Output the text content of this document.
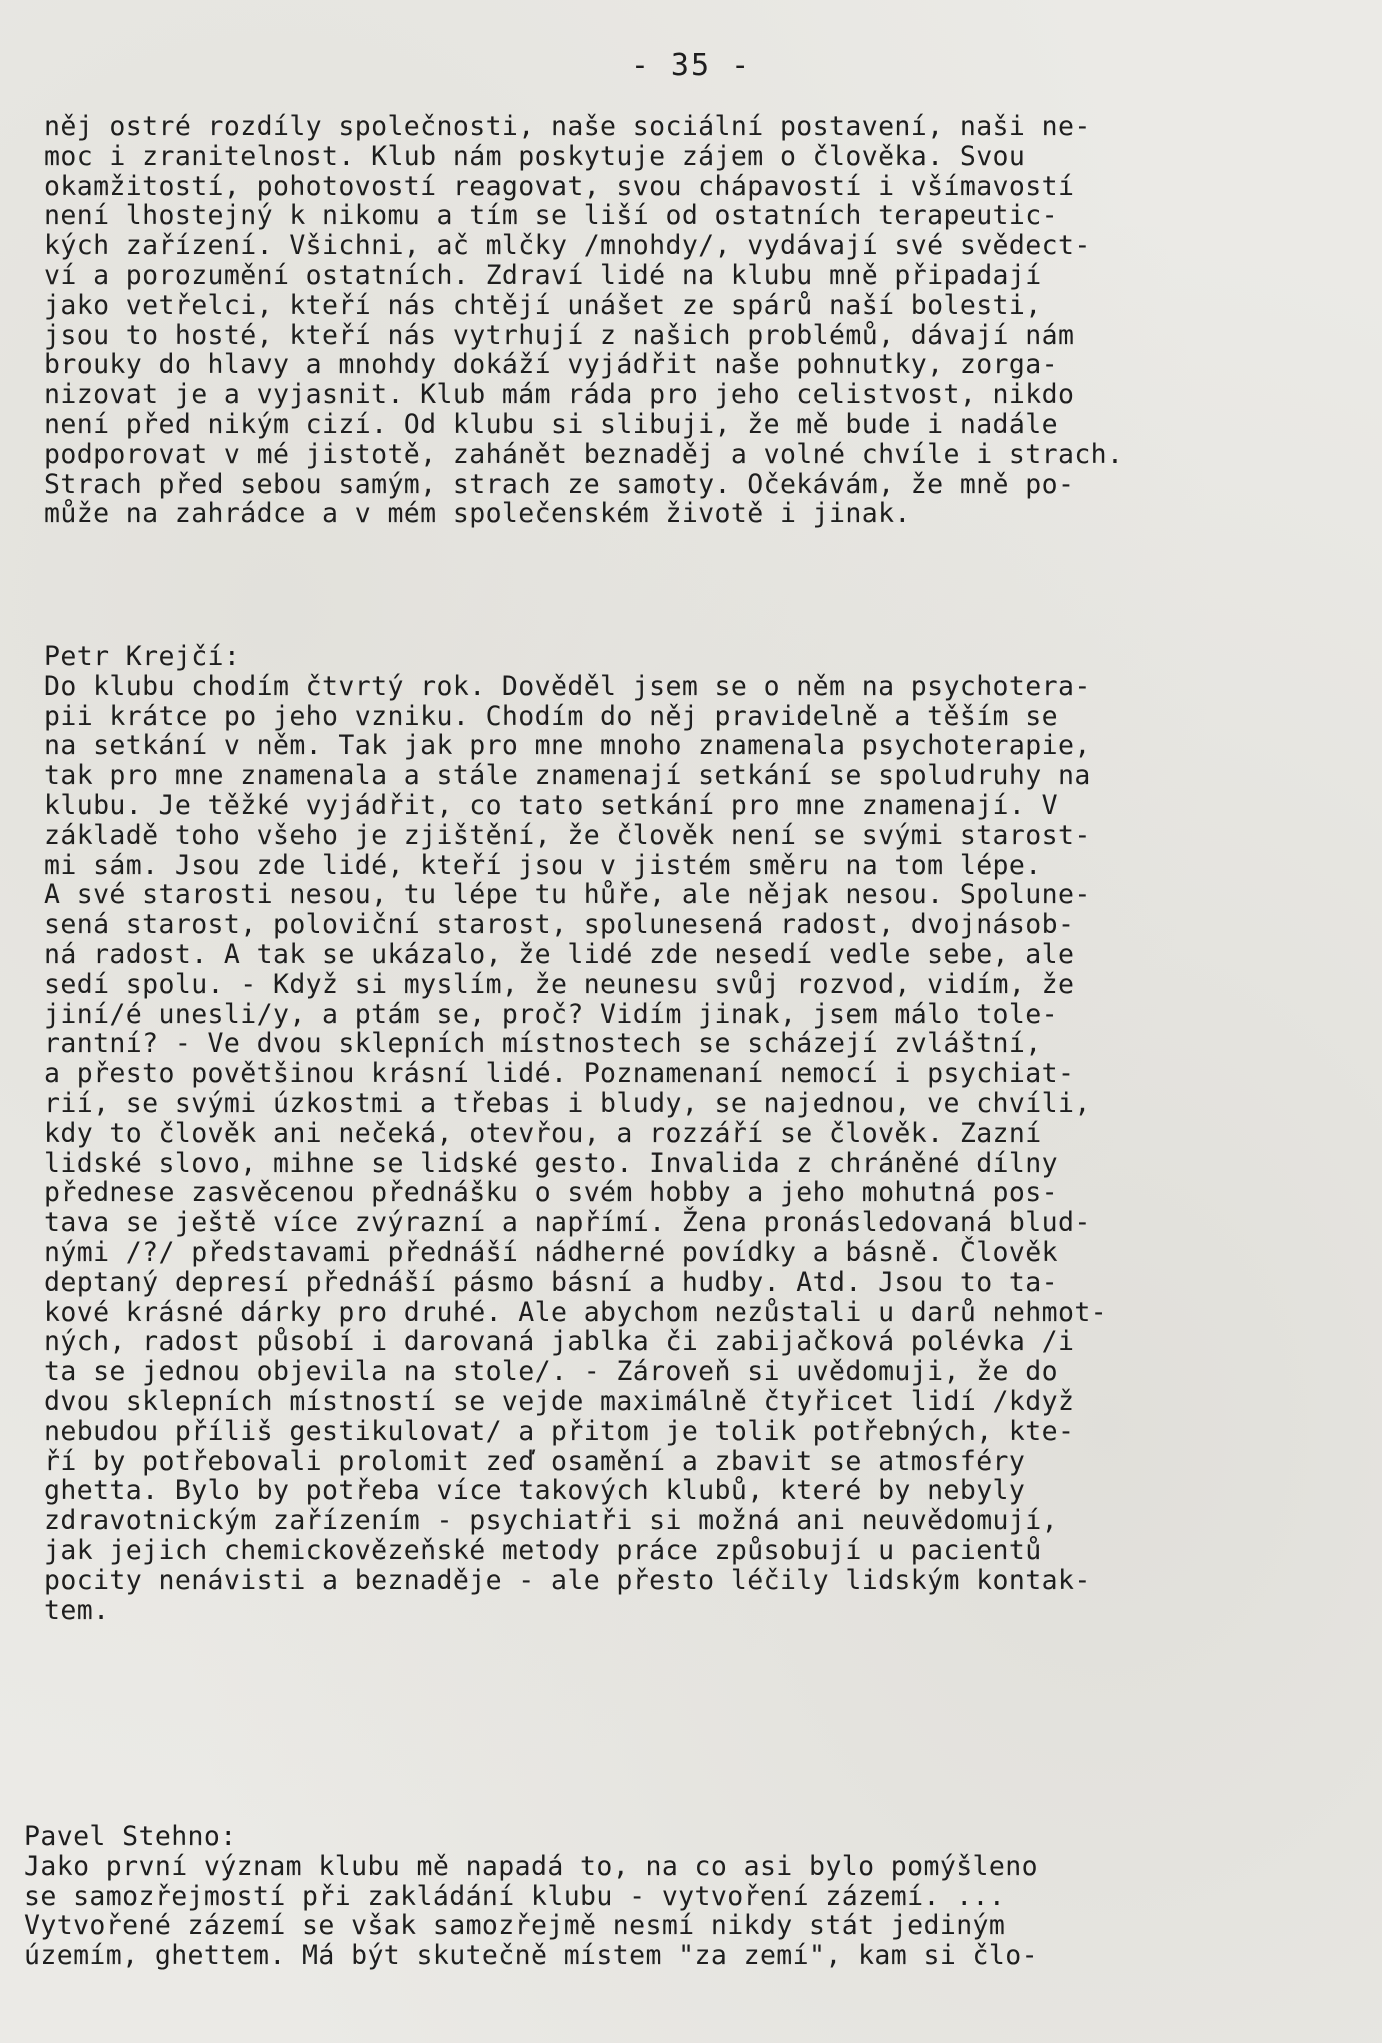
- 35 -
něj ostré rozdíly společnosti, naše sociální postavení, naši ne-
moc i zranitelnost. Klub nám poskytuje zájem o člověka. Svou
okamžitostí, pohotovostí reagovat, svou chápavostí i všímavostí
není lhostejný k nikomu a tím se liší od ostatních terapeutic-
kých zařízení. Všichni, ač mlčky /mnohdy/, vydávají své svědect-
ví a porozumění ostatních. Zdraví lidé na klubu mně připadají
jako vetřelci, kteří nás chtějí unášet ze spárů naší bolesti,
jsou to hosté, kteří nás vytrhují z našich problémů, dávají nám
brouky do hlavy a mnohdy dokáží vyjádřit naše pohnutky, zorga-
nizovat je a vyjasnit. Klub mám ráda pro jeho celistvost, nikdo
není před nikým cizí. Od klubu si slibuji, že mě bude i nadále
podporovat v mé jistotě, zahánět beznaděj a volné chvíle i strach.
Strach před sebou samým, strach ze samoty. Očekávám, že mně po-
může na zahrádce a v mém společenském životě i jinak.
Petr Krejčí:
Do klubu chodím čtvrtý rok. Dověděl jsem se o něm na psychotera-
pii krátce po jeho vzniku. Chodím do něj pravidelně a těším se
na setkání v něm. Tak jak pro mne mnoho znamenala psychoterapie,
tak pro mne znamenala a stále znamenají setkání se spoludruhy na
klubu. Je těžké vyjádřit, co tato setkání pro mne znamenají. V
základě toho všeho je zjištění, že člověk není se svými starost-
mi sám. Jsou zde lidé, kteří jsou v jistém směru na tom lépe.
A své starosti nesou, tu lépe tu hůře, ale nějak nesou. Spolune-
sená starost, poloviční starost, spolunesená radost, dvojnásob-
ná radost. A tak se ukázalo, že lidé zde nesedí vedle sebe, ale
sedí spolu. - Když si myslím, že neunesu svůj rozvod, vidím, že
jiní/é unesli/y, a ptám se, proč? Vidím jinak, jsem málo tole-
rantní? - Ve dvou sklepních místnostech se scházejí zvláštní,
a přesto povětšinou krásní lidé. Poznamenaní nemocí i psychiat-
rií, se svými úzkostmi a třebas i bludy, se najednou, ve chvíli,
kdy to člověk ani nečeká, otevřou, a rozzáří se člověk. Zazní
lidské slovo, mihne se lidské gesto. Invalida z chráněné dílny
přednese zasvěcenou přednášku o svém hobby a jeho mohutná pos-
tava se ještě více zvýrazní a napřímí. Žena pronásledovaná blud-
nými /?/ představami přednáší nádherné povídky a básně. Člověk
deptaný depresí přednáší pásmo básní a hudby. Atd. Jsou to ta-
kové krásné dárky pro druhé. Ale abychom nezůstali u darů nehmot-
ných, radost působí i darovaná jablka či zabijačková polévka /i
ta se jednou objevila na stole/. - Zároveň si uvědomuji, že do
dvou sklepních místností se vejde maximálně čtyřicet lidí /když
nebudou příliš gestikulovat/ a přitom je tolik potřebných, kte-
ří by potřebovali prolomit zeď osamění a zbavit se atmosféry
ghetta. Bylo by potřeba více takových klubů, které by nebyly
zdravotnickým zařízením - psychiatři si možná ani neuvědomují,
jak jejich chemickovězeňské metody práce způsobují u pacientů
pocity nenávisti a beznaděje - ale přesto léčily lidským kontak-
tem.
Pavel Stehno:
Jako první význam klubu mě napadá to, na co asi bylo pomýšleno
se samozřejmostí při zakládání klubu - vytvoření zázemí. ...
Vytvořené zázemí se však samozřejmě nesmí nikdy stát jediným
územím, ghettem. Má být skutečně místem "za zemí", kam si člo-
